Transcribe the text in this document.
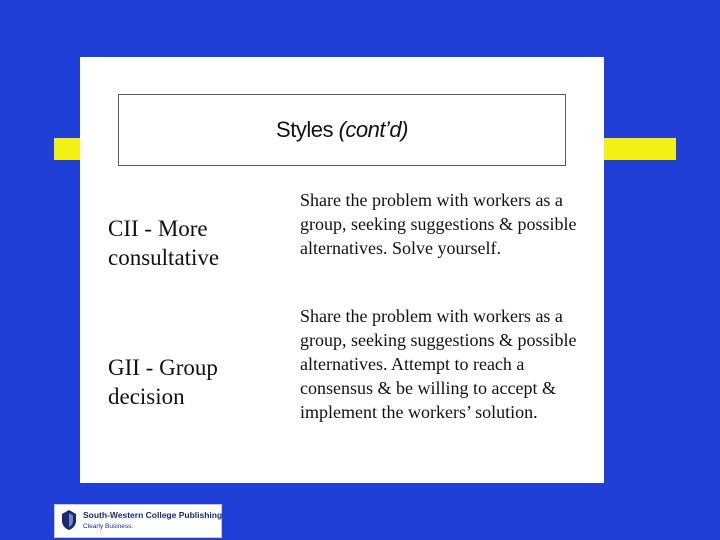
Styles (cont’d)
CII - More consultative
Share the problem with workers as a group, seeking suggestions & possible alternatives. Solve yourself.
GII - Group decision
Share the problem with workers as a group, seeking suggestions & possible alternatives. Attempt to reach a consensus & be willing to accept & implement the workers’ solution.
South-Western College Publishing
Clearly Business.
